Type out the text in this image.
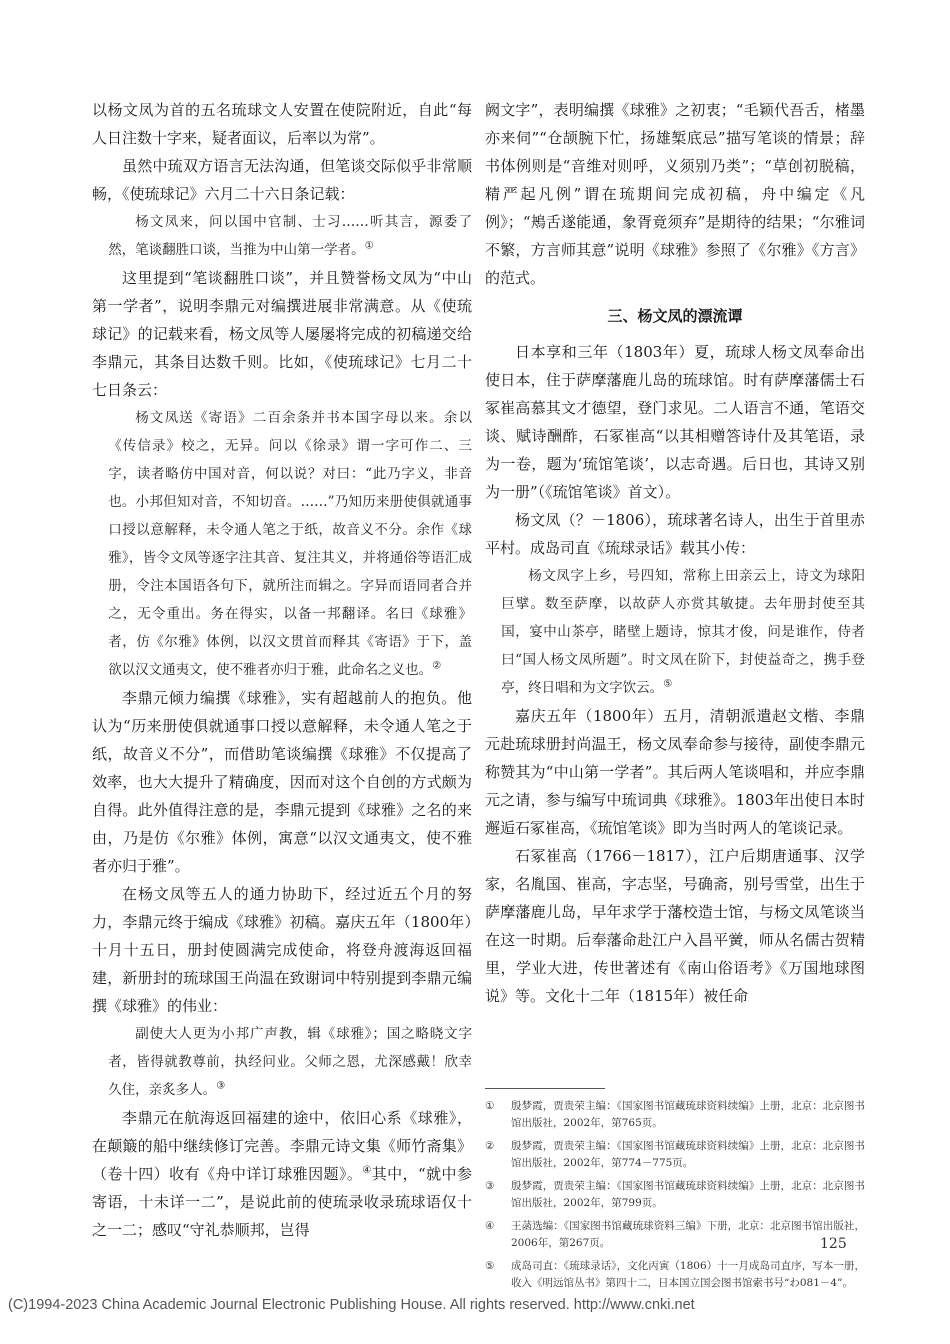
以杨文凤为首的五名琉球文人安置在使院附近，自此“每人日注数十字来，疑者面议，后率以为常”。

虽然中琉双方语言无法沟通，但笔谈交际似乎非常顺畅，《使琉球记》六月二十六日条记载：

杨文凤来，问以国中官制、士习……听其言，源委了然，笔谈翻胜口谈，当推为中山第一学者。①

这里提到“笔谈翻胜口谈”，并且赞誉杨文凤为“中山第一学者”，说明李鼎元对编撰进展非常满意。从《使琉球记》的记载来看，杨文凤等人屡屡将完成的初稿递交给李鼎元，其条目达数千则。比如，《使琉球记》七月二十七日条云：

杨文凤送《寄语》二百余条并书本国字母以来。余以《传信录》校之，无异。问以《徐录》谓一字可作二、三字，读者略仿中国对音，何以说？对曰：“此乃字义，非音也。小邦但知对音，不知切音。……”乃知历来册使俱就通事口授以意解释，未令通人笔之于纸，故音义不分。余作《球雅》，皆令文凤等逐字注其音、复注其义，并将通俗等语汇成册，令注本国语各句下，就所注而辑之。字异而语同者合并之，无令重出。务在得实，以备一邦翻译。名曰《球雅》者，仿《尔雅》体例，以汉文贯首而释其《寄语》于下，盖欲以汉文通夷文，使不雅者亦归于雅，此命名之义也。②

李鼎元倾力编撰《球雅》，实有超越前人的抱负。他认为“历来册使俱就通事口授以意解释，未令通人笔之于纸，故音义不分”，而借助笔谈编撰《球雅》不仅提高了效率，也大大提升了精确度，因而对这个自创的方式颇为自得。此外值得注意的是，李鼎元提到《球雅》之名的来由，乃是仿《尔雅》体例，寓意“以汉文通夷文，使不雅者亦归于雅”。

在杨文凤等五人的通力协助下，经过近五个月的努力，李鼎元终于编成《球雅》初稿。嘉庆五年（1800年）十月十五日，册封使圆满完成使命，将登舟渡海返回福建，新册封的琉球国王尚温在致谢词中特别提到李鼎元编撰《球雅》的伟业：

副使大人更为小邦广声教，辑《球雅》；国之略晓文字者，皆得就教尊前，执经问业。父师之恩，尤深感戴！欣幸久住，亲炙多人。③

李鼎元在航海返回福建的途中，依旧心系《球雅》，在颠簸的船中继续修订完善。李鼎元诗文集《师竹斋集》（卷十四）收有《舟中详订球雅因题》。④其中，“就中参寄语，十未详一二”，是说此前的使琉录收录琉球语仅十之一二；感叹“守礼恭顺邦，岂得

阙文字”，表明编撰《球雅》之初衷；“毛颖代吾舌，楮墨亦来伺”“仓颉腕下忙，扬雄椠底忌”描写笔谈的情景；辞书体例则是“音维对则呼，义须别乃类”；“草创初脱稿，精严起凡例”谓在琉期间完成初稿，舟中编定《凡例》；“鴂舌遂能通，象胥竟须弃”是期待的结果；“尔雅词不繁，方言师其意”说明《球雅》参照了《尔雅》《方言》的范式。

三、杨文凤的漂流谭

日本享和三年（1803年）夏，琉球人杨文凤奉命出使日本，住于萨摩藩鹿儿岛的琉球馆。时有萨摩藩儒士石冢崔高慕其文才德望，登门求见。二人语言不通，笔语交谈、赋诗酬酢，石冢崔高“以其相赠答诗什及其笔语，录为一卷，题为‘琉馆笔谈’，以志奇遇。后日也，其诗又别为一册”（《琉馆笔谈》首文）。

杨文凤（？－1806），琉球著名诗人，出生于首里赤平村。成岛司直《琉球录话》载其小传：

杨文凤字上乡，号四知，常称上田亲云上，诗文为球阳巨擘。数至萨摩，以故萨人亦赏其敏捷。去年册封使至其国，宴中山茶亭，睹壁上题诗，惊其才俊，问是谁作，侍者曰“国人杨文凤所题”。时文凤在阶下，封使益奇之，携手登亭，终日唱和为文字饮云。⑤

嘉庆五年（1800年）五月，清朝派遣赵文楷、李鼎元赴琉球册封尚温王，杨文凤奉命参与接待，副使李鼎元称赞其为“中山第一学者”。其后两人笔谈唱和，并应李鼎元之请，参与编写中琉词典《球雅》。1803年出使日本时邂逅石冢崔高，《琉馆笔谈》即为当时两人的笔谈记录。

石冢崔高（1766－1817），江户后期唐通事、汉学家，名胤国、崔高，字志坚，号确斋，别号雪堂，出生于萨摩藩鹿儿岛，早年求学于藩校造士馆，与杨文凤笔谈当在这一时期。后奉藩命赴江户入昌平黉，师从名儒古贺精里，学业大进，传世著述有《南山俗语考》《万国地球图说》等。文化十二年（1815年）被任命

①	殷梦霞，贾贵荣主编：《国家图书馆藏琉球资料续编》上册，北京：北京图书馆出版社，2002年，第765页。
②	殷梦霞，贾贵荣主编：《国家图书馆藏琉球资料续编》上册，北京：北京图书馆出版社，2002年，第774－775页。
③	殷梦霞，贾贵荣主编：《国家图书馆藏琉球资料续编》上册，北京：北京图书馆出版社，2002年，第799页。
④	王菡选编：《国家图书馆藏琉球资料三编》下册，北京：北京图书馆出版社，2006年，第267页。
⑤	成岛司直：《琉球录话》，文化丙寅（1806）十一月成岛司直序，写本一册，收入《明远馆丛书》第四十二，日本国立国会图书馆索书号“わ081－4”。
125
(C)1994-2023 China Academic Journal Electronic Publishing House. All rights reserved. http://www.cnki.net
